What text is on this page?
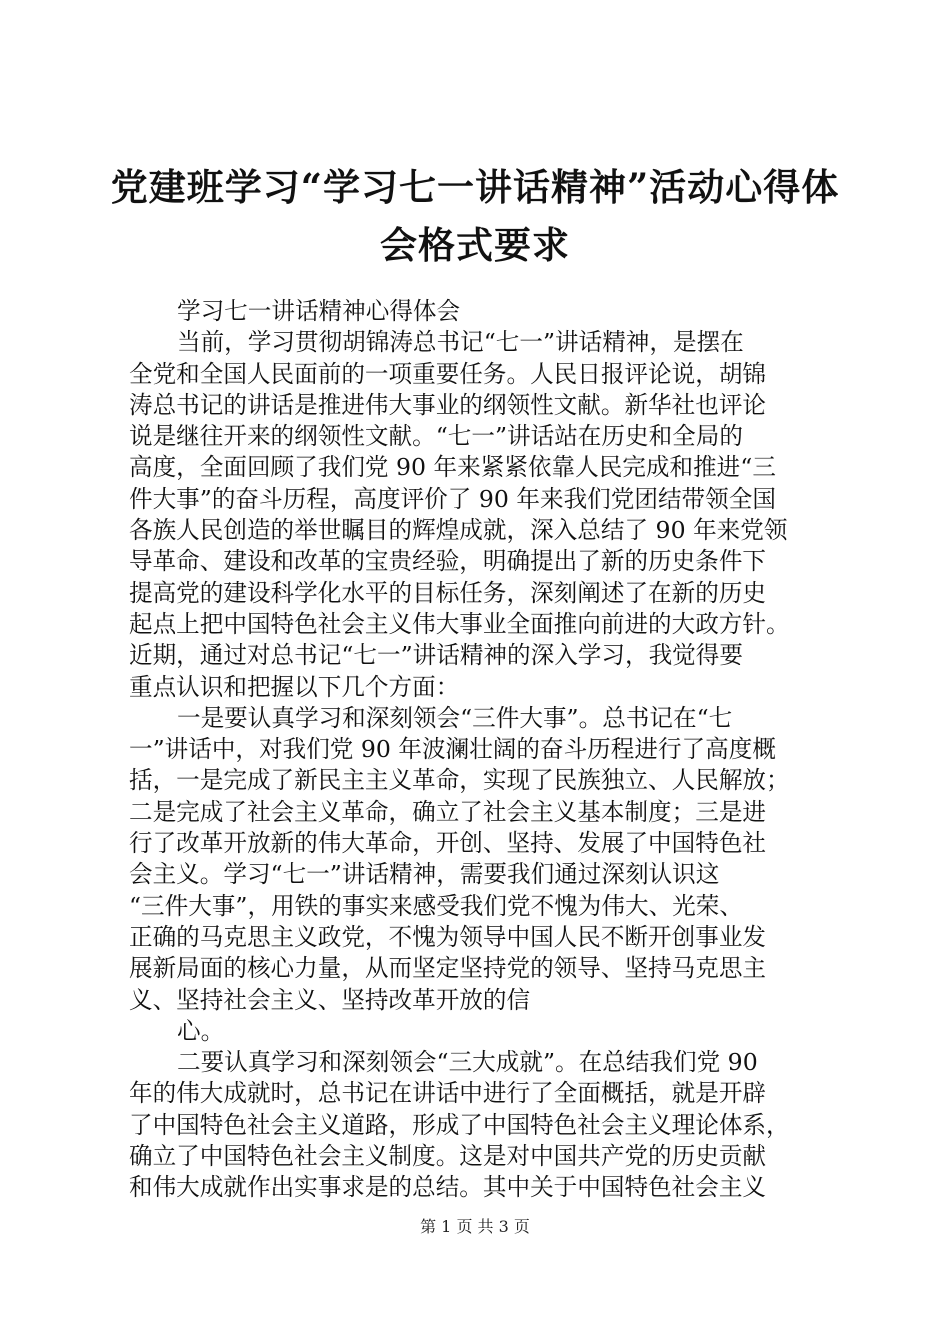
党建班学习“学习七一讲话精神”活动心得体
会格式要求
学习七一讲话精神心得体会
当前，学习贯彻胡锦涛总书记“七一”讲话精神，是摆在
全党和全国人民面前的一项重要任务。人民日报评论说，胡锦
涛总书记的讲话是推进伟大事业的纲领性文献。新华社也评论
说是继往开来的纲领性文献。“七一”讲话站在历史和全局的
高度，全面回顾了我们党 90 年来紧紧依靠人民完成和推进“三
件大事”的奋斗历程，高度评价了 90 年来我们党团结带领全国
各族人民创造的举世瞩目的辉煌成就，深入总结了 90 年来党领
导革命、建设和改革的宝贵经验，明确提出了新的历史条件下
提高党的建设科学化水平的目标任务，深刻阐述了在新的历史
起点上把中国特色社会主义伟大事业全面推向前进的大政方针。
近期，通过对总书记“七一”讲话精神的深入学习，我觉得要
重点认识和把握以下几个方面：
一是要认真学习和深刻领会“三件大事”。总书记在“七
一”讲话中，对我们党 90 年波澜壮阔的奋斗历程进行了高度概
括，一是完成了新民主主义革命，实现了民族独立、人民解放；
二是完成了社会主义革命，确立了社会主义基本制度；三是进
行了改革开放新的伟大革命，开创、坚持、发展了中国特色社
会主义。学习“七一”讲话精神，需要我们通过深刻认识这
“三件大事”，用铁的事实来感受我们党不愧为伟大、光荣、
正确的马克思主义政党，不愧为领导中国人民不断开创事业发
展新局面的核心力量，从而坚定坚持党的领导、坚持马克思主
义、坚持社会主义、坚持改革开放的信
心。
二要认真学习和深刻领会“三大成就”。在总结我们党 90
年的伟大成就时，总书记在讲话中进行了全面概括，就是开辟
了中国特色社会主义道路，形成了中国特色社会主义理论体系，
确立了中国特色社会主义制度。这是对中国共产党的历史贡献
和伟大成就作出实事求是的总结。其中关于中国特色社会主义
第 1 页 共 3 页
